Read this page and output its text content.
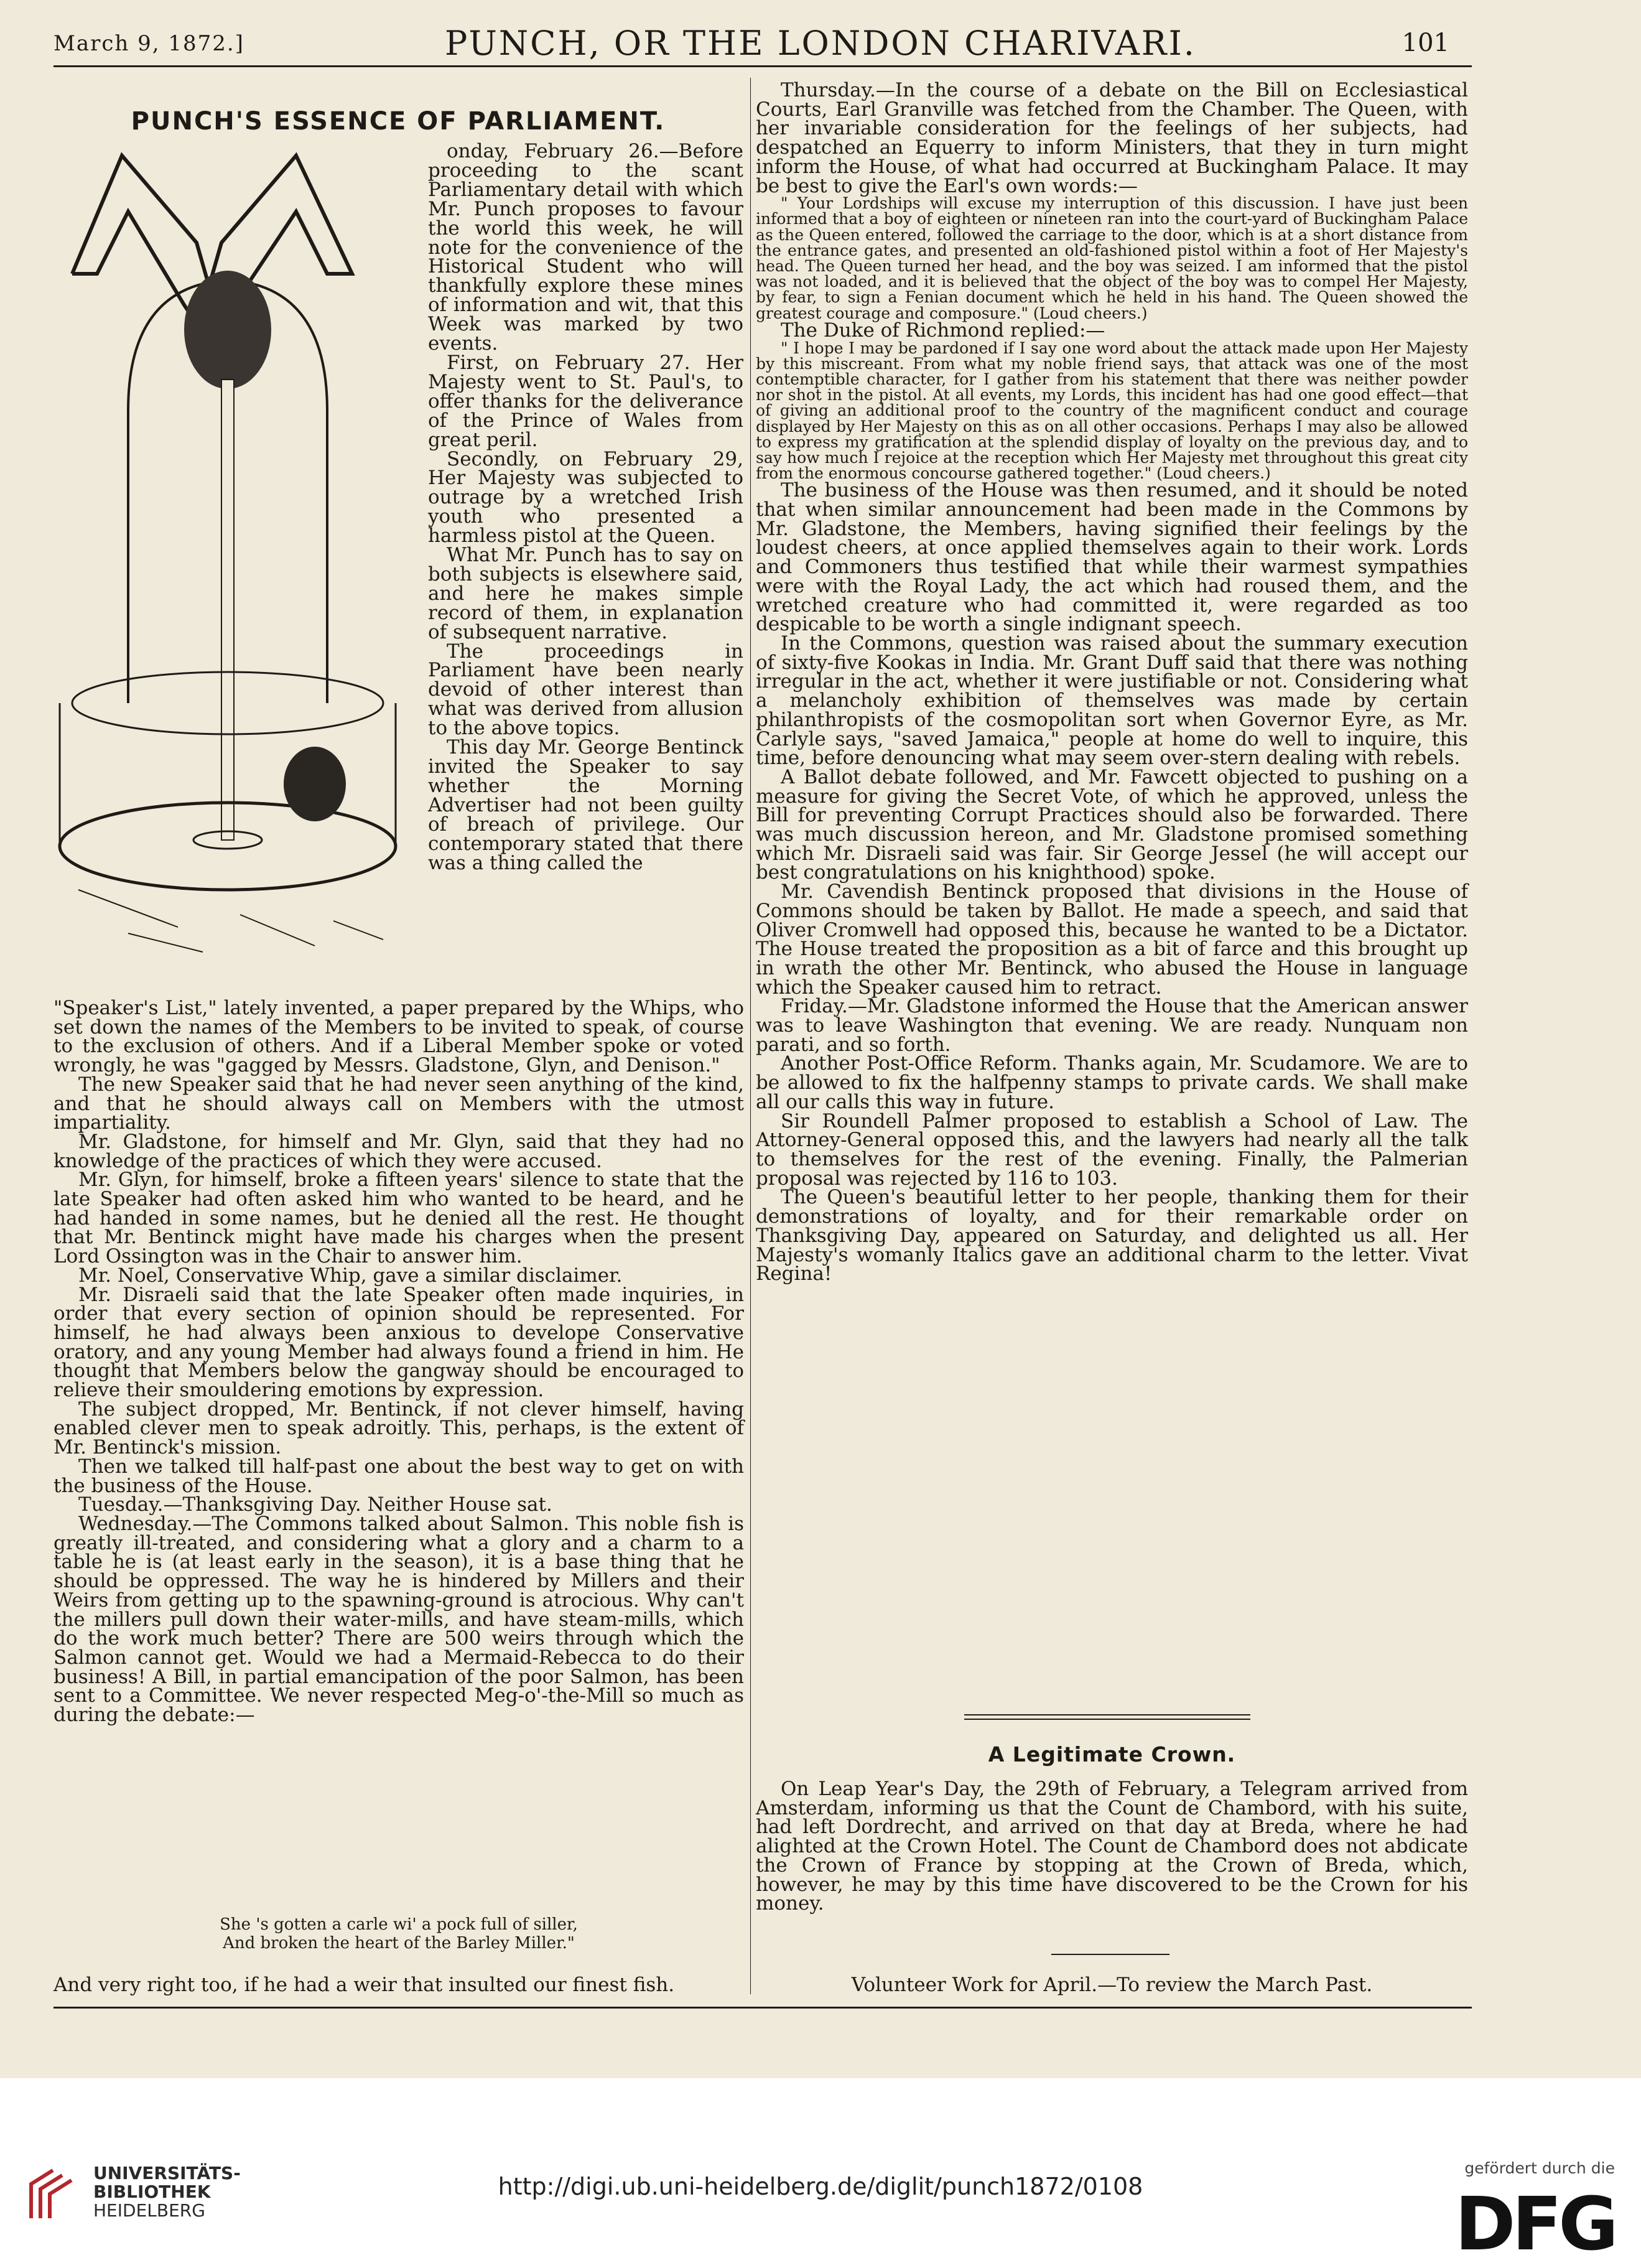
March 9, 1872.]	PUNCH, OR THE LONDON CHARIVARI.	101
PUNCH'S ESSENCE OF PARLIAMENT.

onday, February 26.—Before proceeding to the scant Parliamentary detail with which Mr. Punch proposes to favour the world this week, he will note for the convenience of the Historical Student who will thankfully explore these mines of information and wit, that this Week was marked by two events.

First, on February 27. Her Majesty went to St. Paul's, to offer thanks for the deliverance of the Prince of Wales from great peril.

Secondly, on February 29, Her Majesty was subjected to outrage by a wretched Irish youth who presented a harmless pistol at the Queen.

What Mr. Punch has to say on both subjects is elsewhere said, and here he makes simple record of them, in explanation of subsequent narrative.

The proceedings in Parliament have been nearly devoid of other interest than what was derived from allusion to the above topics.

This day Mr. George Bentinck invited the Speaker to say whether the Morning Advertiser had not been guilty of breach of privilege. Our contemporary stated that there was a thing called the

"Speaker's List," lately invented, a paper prepared by the Whips, who set down the names of the Members to be invited to speak, of course to the exclusion of others. And if a Liberal Member spoke or voted wrongly, he was "gagged by Messrs. Gladstone, Glyn, and Denison."

The new Speaker said that he had never seen anything of the kind, and that he should always call on Members with the utmost impartiality.

Mr. Gladstone, for himself and Mr. Glyn, said that they had no knowledge of the practices of which they were accused.

Mr. Glyn, for himself, broke a fifteen years' silence to state that the late Speaker had often asked him who wanted to be heard, and he had handed in some names, but he denied all the rest. He thought that Mr. Bentinck might have made his charges when the present Lord Ossington was in the Chair to answer him.

Mr. Noel, Conservative Whip, gave a similar disclaimer.

Mr. Disraeli said that the late Speaker often made inquiries, in order that every section of opinion should be represented. For himself, he had always been anxious to develope Conservative oratory, and any young Member had always found a friend in him. He thought that Members below the gangway should be encouraged to relieve their smouldering emotions by expression.

The subject dropped, Mr. Bentinck, if not clever himself, having enabled clever men to speak adroitly. This, perhaps, is the extent of Mr. Bentinck's mission.

Then we talked till half-past one about the best way to get on with the business of the House.

Tuesday.—Thanksgiving Day. Neither House sat.

Wednesday.—The Commons talked about Salmon. This noble fish is greatly ill-treated, and considering what a glory and a charm to a table he is (at least early in the season), it is a base thing that he should be oppressed. The way he is hindered by Millers and their Weirs from getting up to the spawning-ground is atrocious. Why can't the millers pull down their water-mills, and have steam-mills, which do the work much better? There are 500 weirs through which the Salmon cannot get. Would we had a Mermaid-Rebecca to do their business! A Bill, in partial emancipation of the poor Salmon, has been sent to a Committee. We never respected Meg-o'-the-Mill so much as during the debate:—

She 's gotten a carle wi' a pock full of siller,
And broken the heart of the Barley Miller."

And very right too, if he had a weir that insulted our finest fish.

Thursday.—In the course of a debate on the Bill on Ecclesiastical Courts, Earl Granville was fetched from the Chamber. The Queen, with her invariable consideration for the feelings of her subjects, had despatched an Equerry to inform Ministers, that they in turn might inform the House, of what had occurred at Buckingham Palace. It may be best to give the Earl's own words:—

" Your Lordships will excuse my interruption of this discussion. I have just been informed that a boy of eighteen or nineteen ran into the court-yard of Buckingham Palace as the Queen entered, followed the carriage to the door, which is at a short distance from the entrance gates, and presented an old-fashioned pistol within a foot of Her Majesty's head. The Queen turned her head, and the boy was seized. I am informed that the pistol was not loaded, and it is believed that the object of the boy was to compel Her Majesty, by fear, to sign a Fenian document which he held in his hand. The Queen showed the greatest courage and composure." (Loud cheers.)

The Duke of Richmond replied:—

" I hope I may be pardoned if I say one word about the attack made upon Her Majesty by this miscreant. From what my noble friend says, that attack was one of the most contemptible character, for I gather from his statement that there was neither powder nor shot in the pistol. At all events, my Lords, this incident has had one good effect—that of giving an additional proof to the country of the magnificent conduct and courage displayed by Her Majesty on this as on all other occasions. Perhaps I may also be allowed to express my gratification at the splendid display of loyalty on the previous day, and to say how much I rejoice at the reception which Her Majesty met throughout this great city from the enormous concourse gathered together." (Loud cheers.)

The business of the House was then resumed, and it should be noted that when similar announcement had been made in the Commons by Mr. Gladstone, the Members, having signified their feelings by the loudest cheers, at once applied themselves again to their work. Lords and Commoners thus testified that while their warmest sympathies were with the Royal Lady, the act which had roused them, and the wretched creature who had committed it, were regarded as too despicable to be worth a single indignant speech.

In the Commons, question was raised about the summary execution of sixty-five Kookas in India. Mr. Grant Duff said that there was nothing irregular in the act, whether it were justifiable or not. Considering what a melancholy exhibition of themselves was made by certain philanthropists of the cosmopolitan sort when Governor Eyre, as Mr. Carlyle says, "saved Jamaica," people at home do well to inquire, this time, before denouncing what may seem over-stern dealing with rebels.

A Ballot debate followed, and Mr. Fawcett objected to pushing on a measure for giving the Secret Vote, of which he approved, unless the Bill for preventing Corrupt Practices should also be forwarded. There was much discussion hereon, and Mr. Gladstone promised something which Mr. Disraeli said was fair. Sir George Jessel (he will accept our best congratulations on his knighthood) spoke.

Mr. Cavendish Bentinck proposed that divisions in the House of Commons should be taken by Ballot. He made a speech, and said that Oliver Cromwell had opposed this, because he wanted to be a Dictator. The House treated the proposition as a bit of farce and this brought up in wrath the other Mr. Bentinck, who abused the House in language which the Speaker caused him to retract.

Friday.—Mr. Gladstone informed the House that the American answer was to leave Washington that evening. We are ready. Nunquam non parati, and so forth.

Another Post-Office Reform. Thanks again, Mr. Scudamore. We are to be allowed to fix the halfpenny stamps to private cards. We shall make all our calls this way in future.

Sir Roundell Palmer proposed to establish a School of Law. The Attorney-General opposed this, and the lawyers had nearly all the talk to themselves for the rest of the evening. Finally, the Palmerian proposal was rejected by 116 to 103.

The Queen's beautiful letter to her people, thanking them for their demonstrations of loyalty, and for their remarkable order on Thanksgiving Day, appeared on Saturday, and delighted us all. Her Majesty's womanly Italics gave an additional charm to the letter. Vivat Regina!

A Legitimate Crown.

On Leap Year's Day, the 29th of February, a Telegram arrived from Amsterdam, informing us that the Count de Chambord, with his suite, had left Dordrecht, and arrived on that day at Breda, where he had alighted at the Crown Hotel. The Count de Chambord does not abdicate the Crown of France by stopping at the Crown of Breda, which, however, he may by this time have discovered to be the Crown for his money.

Volunteer Work for April.—To review the March Past.

UNIVERSITÄTS-
BIBLIOTHEK
HEIDELBERG
http://digi.ub.uni-heidelberg.de/diglit/punch1872/0108
gefördert durch die
DFG
